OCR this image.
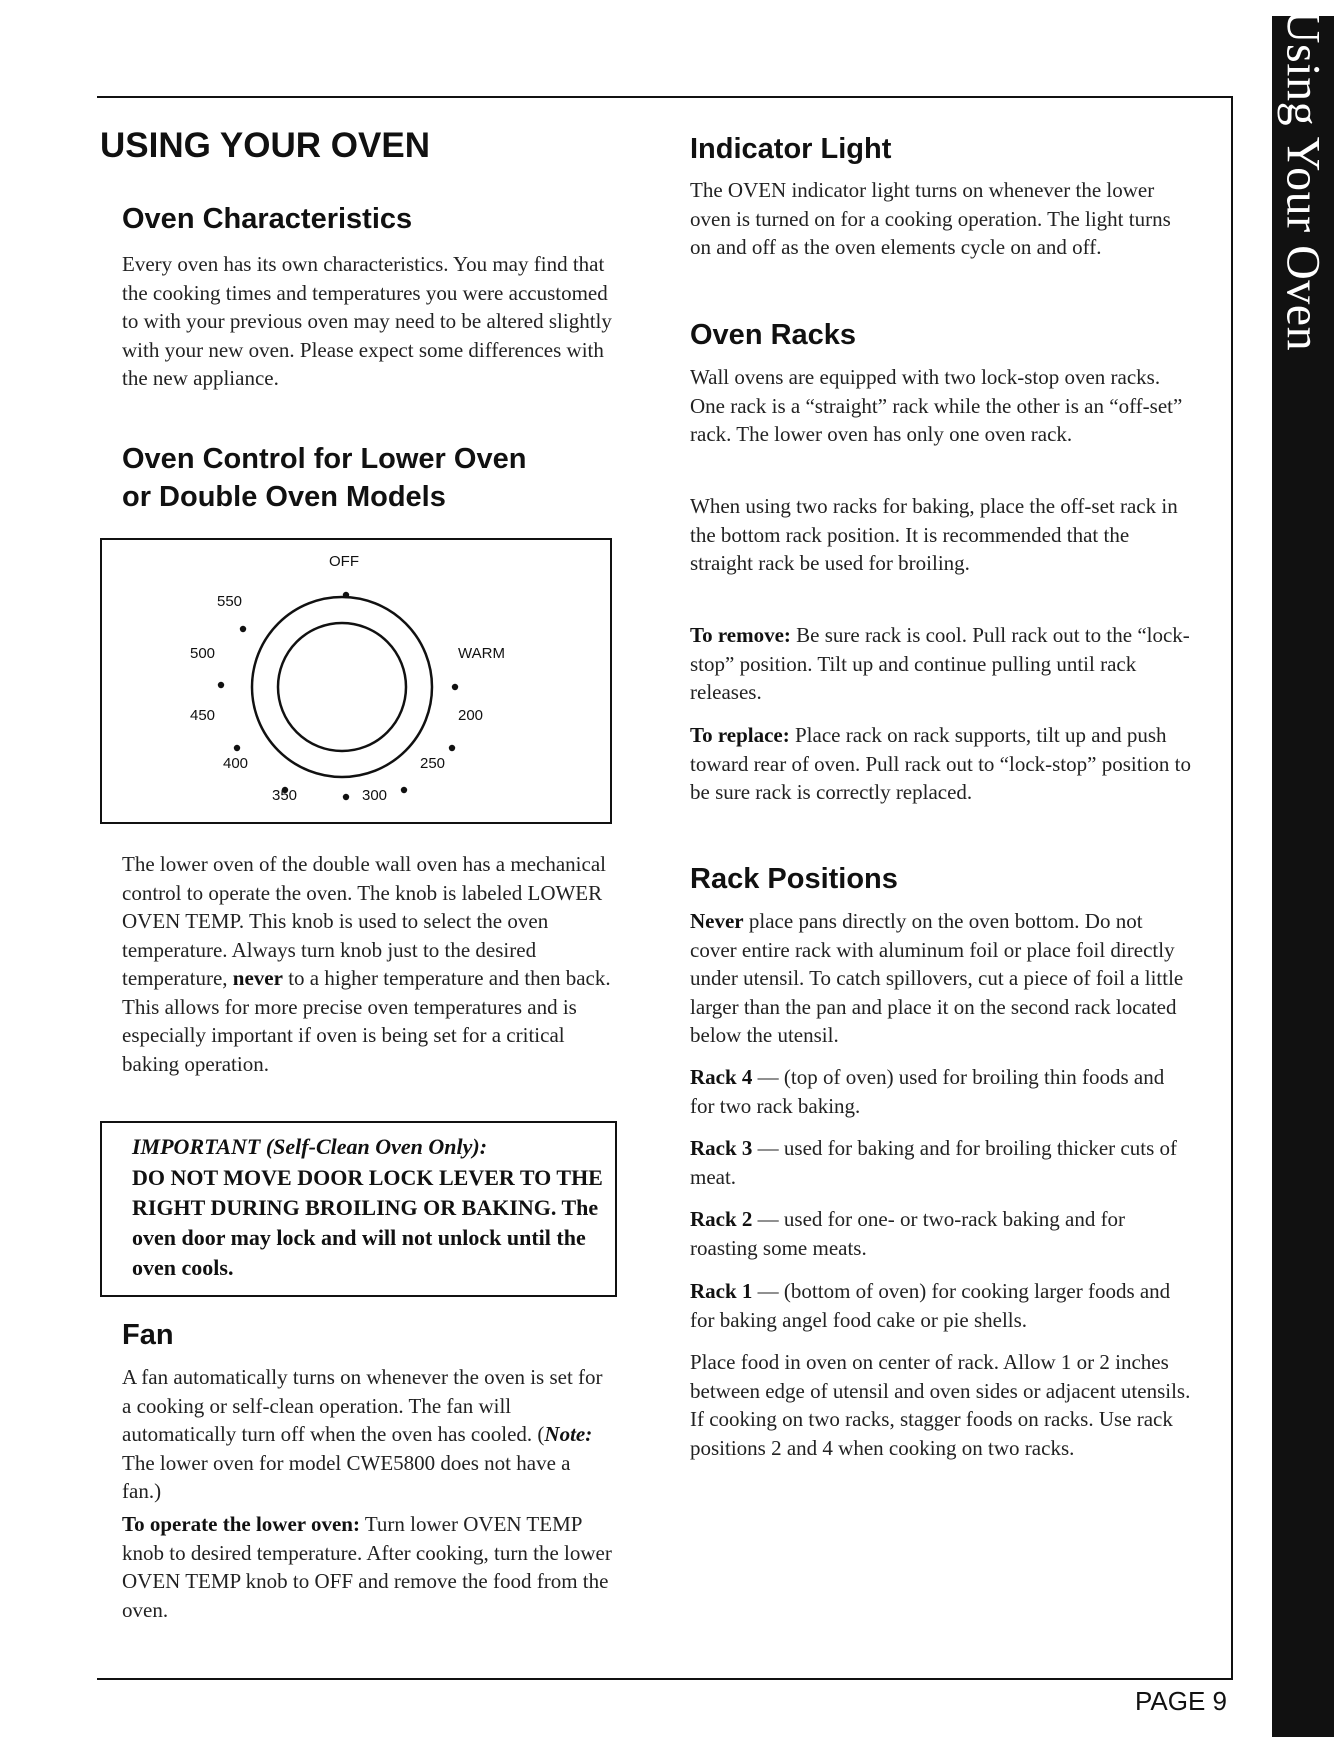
Using Your Oven
PAGE 9
USING YOUR OVEN
Oven Characteristics

Every oven has its own characteristics. You may find that the cooking times and temperatures you were accustomed to with your previous oven may need to be altered slightly with your new oven. Please expect some differences with the new appliance.

Oven Control for Lower Oven
or Double Oven Models
OFF
550
500
450
400
350	300
250
200
WARM

The lower oven of the double wall oven has a mechanical control to operate the oven. The knob is labeled LOWER OVEN TEMP. This knob is used to select the oven temperature. Always turn knob just to the desired temperature, never to a higher temperature and then back. This allows for more precise oven temperatures and is especially important if oven is being set for a critical baking operation.

IMPORTANT (Self-Clean Oven Only):

DO NOT MOVE DOOR LOCK LEVER TO THE RIGHT DURING BROILING OR BAKING. The oven door may lock and will not unlock until the oven cools.

Fan

A fan automatically turns on whenever the oven is set for a cooking or self-clean operation. The fan will automatically turn off when the oven has cooled. (Note: The lower oven for model CWE5800 does not have a fan.)

To operate the lower oven: Turn lower OVEN TEMP knob to desired temperature. After cooking, turn the lower OVEN TEMP knob to OFF and remove the food from the oven.

Indicator Light

The OVEN indicator light turns on whenever the lower oven is turned on for a cooking operation. The light turns on and off as the oven elements cycle on and off.

Oven Racks

Wall ovens are equipped with two lock-stop oven racks. One rack is a “straight” rack while the other is an “off-set” rack. The lower oven has only one oven rack.

When using two racks for baking, place the off-set rack in the bottom rack position. It is recommended that the straight rack be used for broiling.

To remove: Be sure rack is cool. Pull rack out to the “lock-stop” position. Tilt up and continue pulling until rack releases.

To replace: Place rack on rack supports, tilt up and push toward rear of oven. Pull rack out to “lock-stop” position to be sure rack is correctly replaced.

Rack Positions

Never place pans directly on the oven bottom. Do not cover entire rack with aluminum foil or place foil directly under utensil. To catch spillovers, cut a piece of foil a little larger than the pan and place it on the second rack located below the utensil.

Rack 4 — (top of oven) used for broiling thin foods and for two rack baking.

Rack 3 — used for baking and for broiling thicker cuts of meat.

Rack 2 — used for one- or two-rack baking and for roasting some meats.

Rack 1 — (bottom of oven) for cooking larger foods and for baking angel food cake or pie shells.

Place food in oven on center of rack. Allow 1 or 2 inches between edge of utensil and oven sides or adjacent utensils. If cooking on two racks, stagger foods on racks. Use rack positions 2 and 4 when cooking on two racks.
